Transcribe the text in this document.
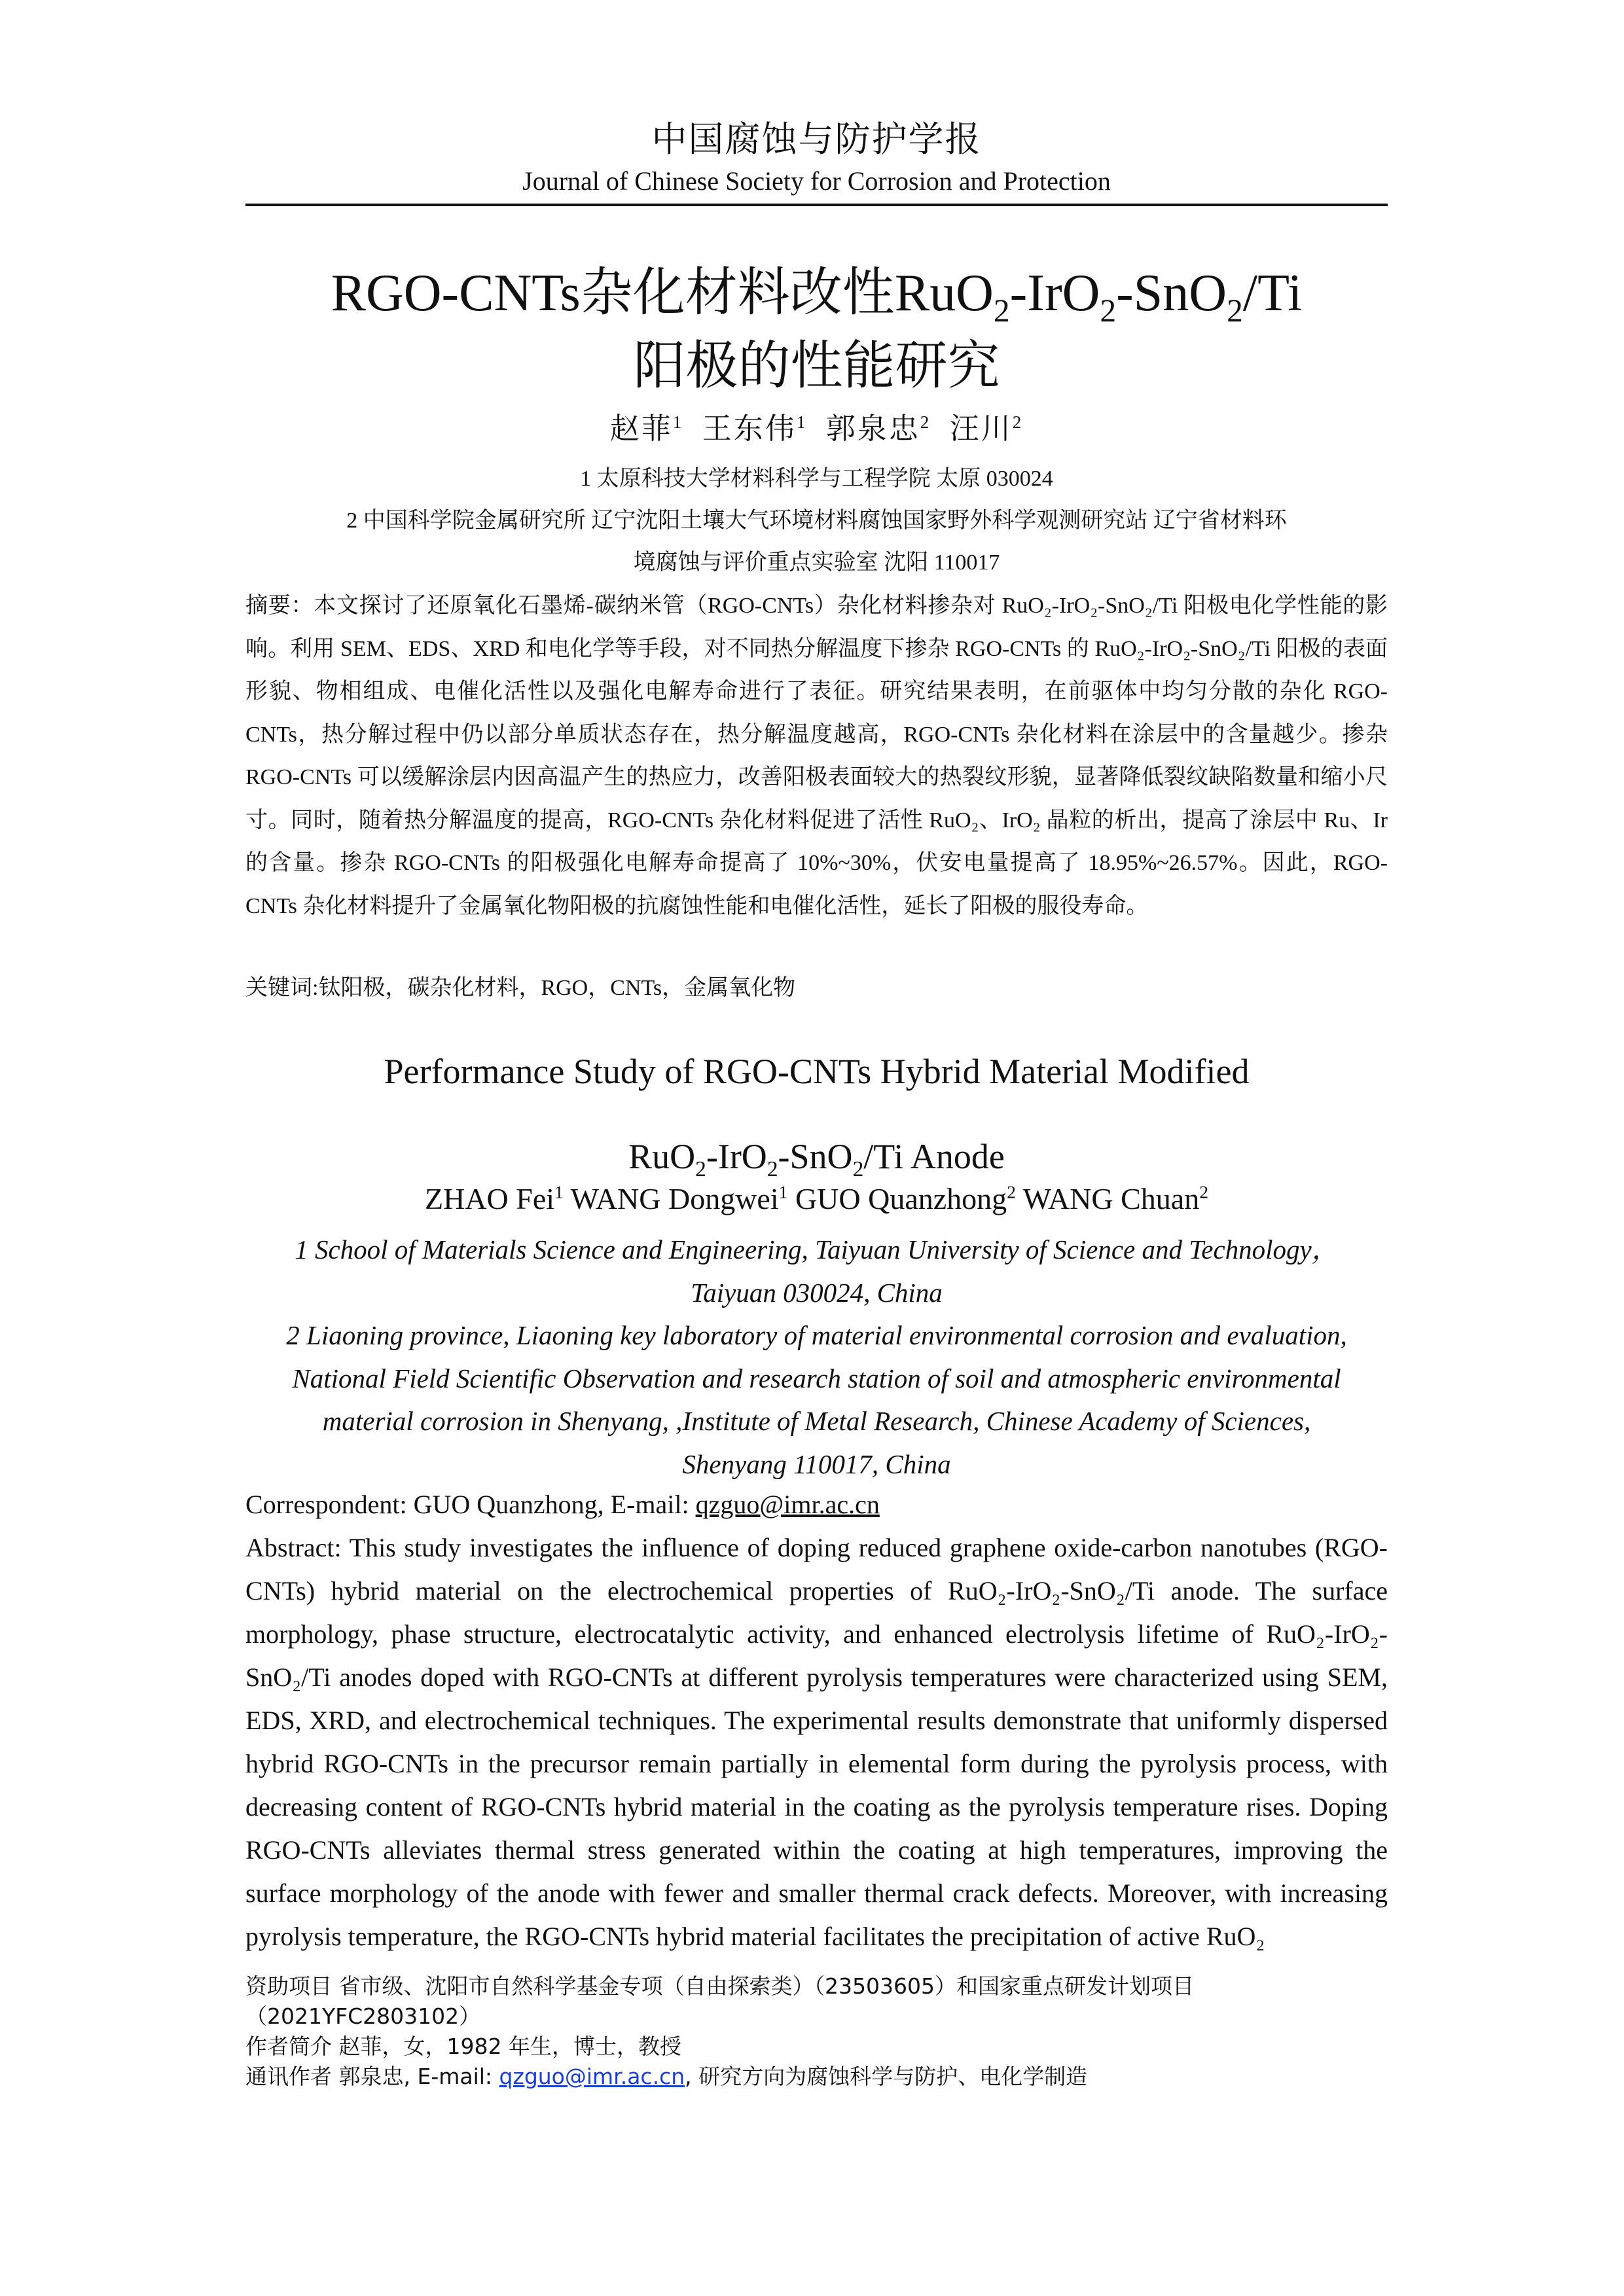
中国腐蚀与防护学报
Journal of Chinese Society for Corrosion and Protection
RGO-CNTs杂化材料改性RuO$_2$-IrO$_2$-SnO$_2$/Ti
阳极的性能研究
赵菲$^1$ 王东伟$^1$ 郭泉忠$^2$ 汪川$^2$
1 太原科技大学材料科学与工程学院 太原 030024
2 中国科学院金属研究所 辽宁沈阳土壤大气环境材料腐蚀国家野外科学观测研究站 辽宁省材料环
境腐蚀与评价重点实验室 沈阳 110017
摘要：本文探讨了还原氧化石墨烯-碳纳米管（RGO-CNTs）杂化材料掺杂对 RuO₂-IrO₂-SnO₂/Ti 阳极电化学性能的影响。利用 SEM、EDS、XRD 和电化学等手段，对不同热分解温度下掺杂 RGO-CNTs 的 RuO₂-IrO₂-SnO₂/Ti 阳极的表面形貌、物相组成、电催化活性以及强化电解寿命进行了表征。研究结果表明，在前驱体中均匀分散的杂化 RGO-CNTs，热分解过程中仍以部分单质状态存在，热分解温度越高，RGO-CNTs 杂化材料在涂层中的含量越少。掺杂 RGO-CNTs 可以缓解涂层内因高温产生的热应力，改善阳极表面较大的热裂纹形貌，显著降低裂纹缺陷数量和缩小尺寸。同时，随着热分解温度的提高，RGO-CNTs 杂化材料促进了活性 RuO₂、IrO₂ 晶粒的析出，提高了涂层中 Ru、Ir 的含量。掺杂 RGO-CNTs 的阳极强化电解寿命提高了 10%~30%，伏安电量提高了 18.95%~26.57%。因此，RGO-CNTs 杂化材料提升了金属氧化物阳极的抗腐蚀性能和电催化活性，延长了阳极的服役寿命。
关键词:钛阳极，碳杂化材料，RGO，CNTs，金属氧化物
Performance Study of RGO-CNTs Hybrid Material Modified
RuO$_2$-IrO$_2$-SnO$_2$/Ti Anode
ZHAO Fei$^1$ WANG Dongwei$^1$ GUO Quanzhong$^2$ WANG Chuan$^2$
1 School of Materials Science and Engineering, Taiyuan University of Science and Technology，
Taiyuan 030024, China
2 Liaoning province, Liaoning key laboratory of material environmental corrosion and evaluation,
National Field Scientific Observation and research station of soil and atmospheric environmental
material corrosion in Shenyang, ,Institute of Metal Research, Chinese Academy of Sciences,
Shenyang 110017, China
Correspondent: GUO Quanzhong, E-mail: qzguo@imr.ac.cn
Abstract: This study investigates the influence of doping reduced graphene oxide-carbon nanotubes (RGO-CNTs) hybrid material on the electrochemical properties of RuO₂-IrO₂-SnO₂/Ti anode. The surface morphology, phase structure, electrocatalytic activity, and enhanced electrolysis lifetime of RuO₂-IrO₂-SnO₂/Ti anodes doped with RGO-CNTs at different pyrolysis temperatures were characterized using SEM, EDS, XRD, and electrochemical techniques. The experimental results demonstrate that uniformly dispersed hybrid RGO-CNTs in the precursor remain partially in elemental form during the pyrolysis process, with decreasing content of RGO-CNTs hybrid material in the coating as the pyrolysis temperature rises. Doping RGO-CNTs alleviates thermal stress generated within the coating at high temperatures, improving the surface morphology of the anode with fewer and smaller thermal crack defects. Moreover, with increasing pyrolysis temperature, the RGO-CNTs hybrid material facilitates the precipitation of active RuO₂
资助项目 省市级、沈阳市自然科学基金专项（自由探索类）（23503605）和国家重点研发计划项目
（2021YFC2803102）
作者简介 赵菲，女，1982 年生，博士，教授
通讯作者 郭泉忠, E-mail: qzguo@imr.ac.cn, 研究方向为腐蚀科学与防护、电化学制造
